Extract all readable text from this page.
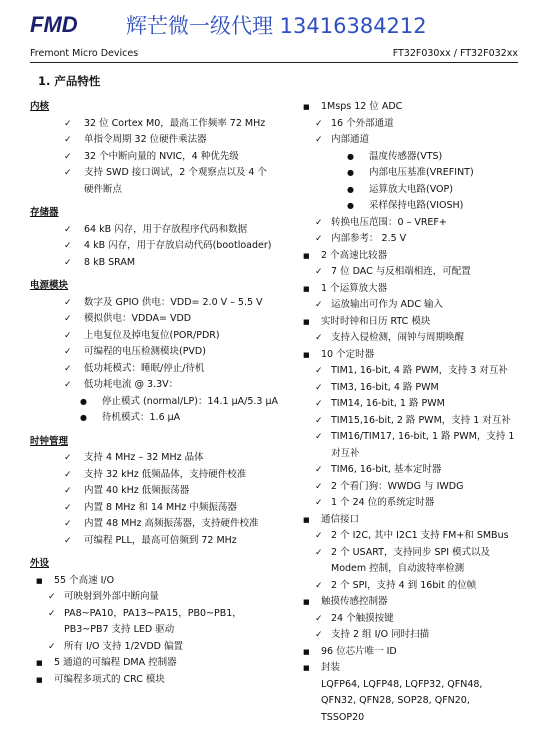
FMD 辉芒微一级代理 13416384212
Fremont Micro Devices	FT32F030xx / FT32F032xx
1. 产品特性
内核
✓ 32 位 Cortex M0，最高工作频率 72 MHz
✓ 单指令周期 32 位硬件乘法器
✓ 32 个中断向量的 NVIC，4 种优先级
✓ 支持 SWD 接口调试，2 个观察点以及 4 个
硬件断点
存储器
✓ 64 kB 闪存，用于存放程序代码和数据
✓ 4 kB 闪存，用于存放启动代码(bootloader)
✓ 8 kB SRAM
电源模块
✓ 数字及 GPIO 供电：VDD= 2.0 V – 5.5 V
✓ 模拟供电：VDDA= VDD
✓ 上电复位及掉电复位(POR/PDR)
✓ 可编程的电压检测模块(PVD)
✓ 低功耗模式：睡眠/停止/待机
✓ 低功耗电流 @ 3.3V：
● 停止模式 (normal/LP)：14.1 µA/5.3 µA
● 待机模式：1.6 µA
时钟管理
✓ 支持 4 MHz – 32 MHz 晶体
✓ 支持 32 kHz 低频晶体，支持硬件校准
✓ 内置 40 kHz 低频振荡器
✓ 内置 8 MHz 和 14 MHz 中频振荡器
✓ 内置 48 MHz 高频振荡器，支持硬件校准
✓ 可编程 PLL，最高可倍频到 72 MHz
外设
■ 55 个高速 I/O
✓ 可映射到外部中断向量
✓ PA8~PA10，PA13~PA15，PB0~PB1，
PB3~PB7 支持 LED 驱动
✓ 所有 I/O 支持 1/2VDD 偏置
■ 5 通道的可编程 DMA 控制器
■ 可编程多项式的 CRC 模块
■ 1Msps 12 位 ADC
✓ 16 个外部通道
✓ 内部通道
● 温度传感器(VTS)
● 内部电压基准(VREFINT)
● 运算放大电路(VOP)
● 采样保持电路(VIOSH)
✓ 转换电压范围：0 – VREF+
✓ 内部参考： 2.5 V
■ 2 个高速比较器
✓ 7 位 DAC 与反相端相连，可配置
■ 1 个运算放大器
✓ 运放输出可作为 ADC 输入
■ 实时时钟和日历 RTC 模块
✓ 支持入侵检测，闹钟与周期唤醒
■ 10 个定时器
✓ TIM1, 16-bit, 4 路 PWM，支持 3 对互补
✓ TIM3, 16-bit, 4 路 PWM
✓ TIM14, 16-bit, 1 路 PWM
✓ TIM15,16-bit, 2 路 PWM，支持 1 对互补
✓ TIM16/TIM17, 16-bit, 1 路 PWM，支持 1
对互补
✓ TIM6, 16-bit, 基本定时器
✓ 2 个看门狗：WWDG 与 IWDG
✓ 1 个 24 位的系统定时器
■ 通信接口
✓ 2 个 I2C, 其中 I2C1 支持 FM+和 SMBus
✓ 2 个 USART，支持同步 SPI 模式以及
Modem 控制，自动波特率检测
✓ 2 个 SPI，支持 4 到 16bit 的位帧
■ 触摸传感控制器
✓ 24 个触摸按键
✓ 支持 2 组 I/O 同时扫描
■ 96 位芯片唯一 ID
■ 封装
LQFP64, LQFP48, LQFP32, QFN48,
QFN32, QFN28, SOP28, QFN20,
TSSOP20
